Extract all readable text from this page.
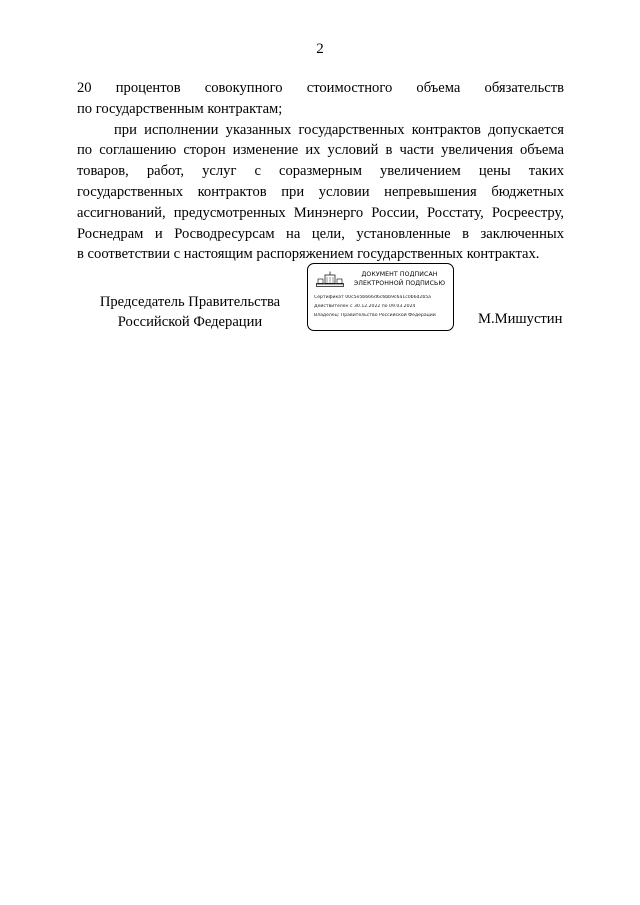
2

20 процентов совокупного стоимостного объема обязательств

по государственным контрактам;

при исполнении указанных государственных контрактов допускается

по соглашению сторон изменение их условий в части увеличения объема

товаров, работ, услуг с соразмерным увеличением цены таких

государственных контрактов при условии непревышения бюджетных

ассигнований, предусмотренных Минэнерго России, Росстату, Росреестру,

Роснедрам и Росводресурсам на цели, установленные в заключенных

в соответствии с настоящим распоряжением государственных контрактах.

Председатель Правительства
Российской Федерации
ДОКУМЕНТ ПОДПИСАН
ЭЛЕКТРОННОЙ ПОДПИСЬЮ
Сертификат 00c5e5b666d6c6bb9c6a1c0b6d2b5a
Действителен с 30.12.2022 по 09.03.2024
Владелец: Правительство Российской Федерации	М.Мишустин
